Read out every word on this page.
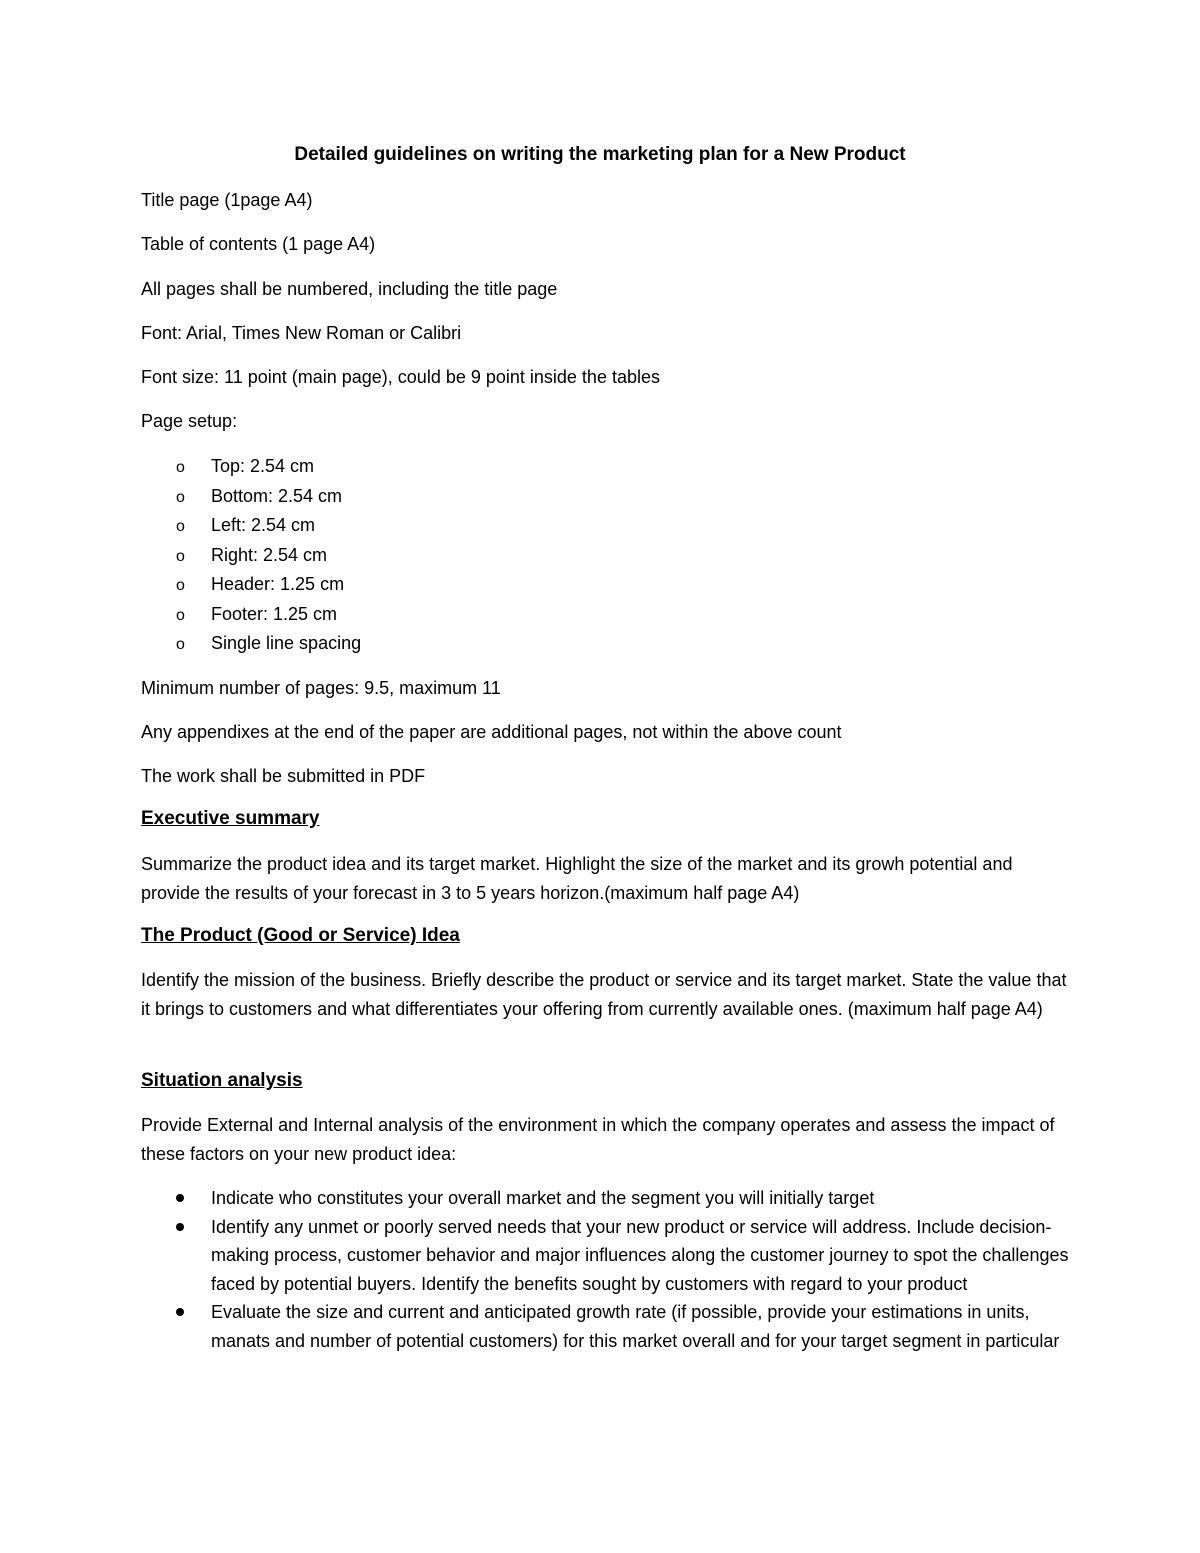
Detailed guidelines on writing the marketing plan for a New Product
Title page (1page A4)
Table of contents (1 page A4)
All pages shall be numbered, including the title page
Font: Arial, Times New Roman or Calibri
Font size: 11 point (main page), could be 9 point inside the tables
Page setup:
o Top: 2.54 cm
o Bottom: 2.54 cm
o Left: 2.54 cm
o Right: 2.54 cm
o Header: 1.25 cm
o Footer: 1.25 cm
o Single line spacing
Minimum number of pages: 9.5, maximum 11
Any appendixes at the end of the paper are additional pages, not within the above count
The work shall be submitted in PDF
Executive summary
Summarize the product idea and its target market. Highlight the size of the market and its growh potential and provide the results of your forecast in 3 to 5 years horizon.(maximum half page A4)
The Product (Good or Service) Idea
Identify the mission of the business. Briefly describe the product or service and its target market. State the value that it brings to customers and what differentiates your offering from currently available ones. (maximum half page A4)
Situation analysis
Provide External and Internal analysis of the environment in which the company operates and assess the impact of these factors on your new product idea:
Indicate who constitutes your overall market and the segment you will initially target
Identify any unmet or poorly served needs that your new product or service will address. Include decision-making process, customer behavior and major influences along the customer journey to spot the challenges faced by potential buyers. Identify the benefits sought by customers with regard to your product
Evaluate the size and current and anticipated growth rate (if possible, provide your estimations in units, manats and number of potential customers) for this market overall and for your target segment in particular
